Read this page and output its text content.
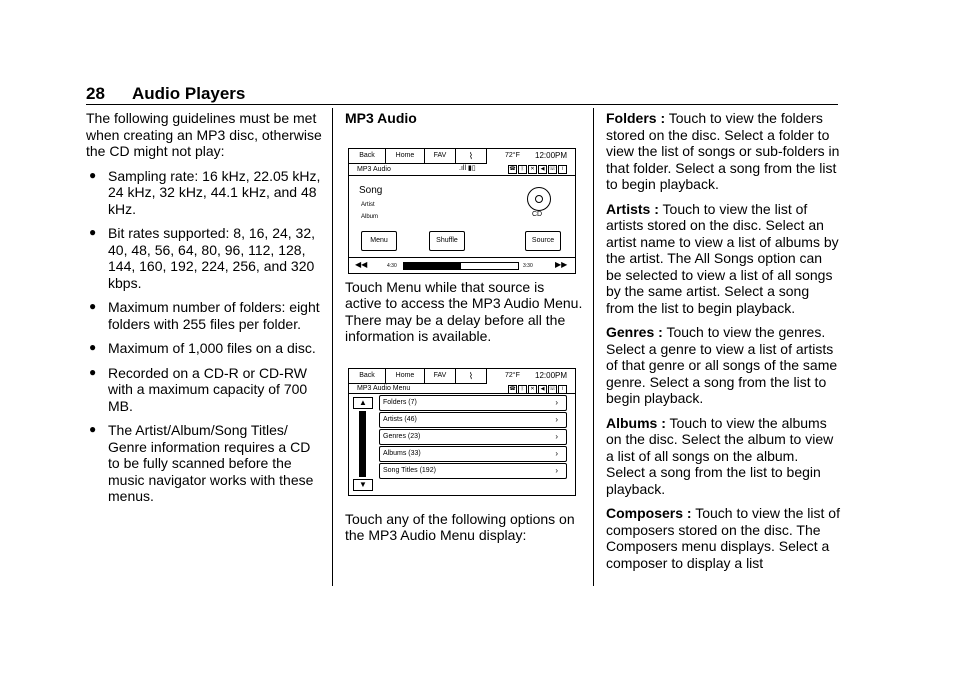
28 Audio Players

The following guidelines must be met when creating an MP3 disc, otherwise the CD might not play:

● Sampling rate: 16 kHz, 22.05 kHz, 24 kHz, 32 kHz, 44.1 kHz, and 48 kHz.
● Bit rates supported: 8, 16, 24, 32, 40, 48, 56, 64, 80, 96, 112, 128, 144, 160, 192, 224, 256, and 320 kbps.
● Maximum number of folders: eight folders with 255 files per folder.
● Maximum of 1,000 files on a disc.
● Recorded on a CD-R or CD-RW with a maximum capacity of 700 MB.
● The Artist/Album/Song Titles/ Genre information requires a CD to be fully scanned before the music navigator works with these menus.

MP3 Audio

Touch Menu while that source is active to access the MP3 Audio Menu. There may be a delay before all the information is available.

Touch any of the following options on the MP3 Audio Menu display:

Back	Home	FAV	⌇	72°F 12:00PM
MP3 Audio	.ıll ▮▯	☎	ᛒ	✕	◀ ☏	i
Song
Artist
Album	CD
Menu	Shuffle	Source
◀◀	4:30	3:30	▶▶
Back	Home	FAV	⌇	72°F 12:00PM
MP3 Audio Menu	☎	ᛒ	✕	◀ ☏	i
▲
▼
Folders (7)	›
Artists (46)	›
Genres (23)	›
Albums (33)	›
Song Titles (192)	›

Folders : Touch to view the folders stored on the disc. Select a folder to view the list of songs or sub-folders in that folder. Select a song from the list to begin playback.

Artists : Touch to view the list of artists stored on the disc. Select an artist name to view a list of albums by the artist. The All Songs option can be selected to view a list of all songs by the same artist. Select a song from the list to begin playback.

Genres : Touch to view the genres. Select a genre to view a list of artists of that genre or all songs of the same genre. Select a song from the list to begin playback.

Albums : Touch to view the albums on the disc. Select the album to view a list of all songs on the album. Select a song from the list to begin playback.

Composers : Touch to view the list of composers stored on the disc. The Composers menu displays. Select a composer to display a list
